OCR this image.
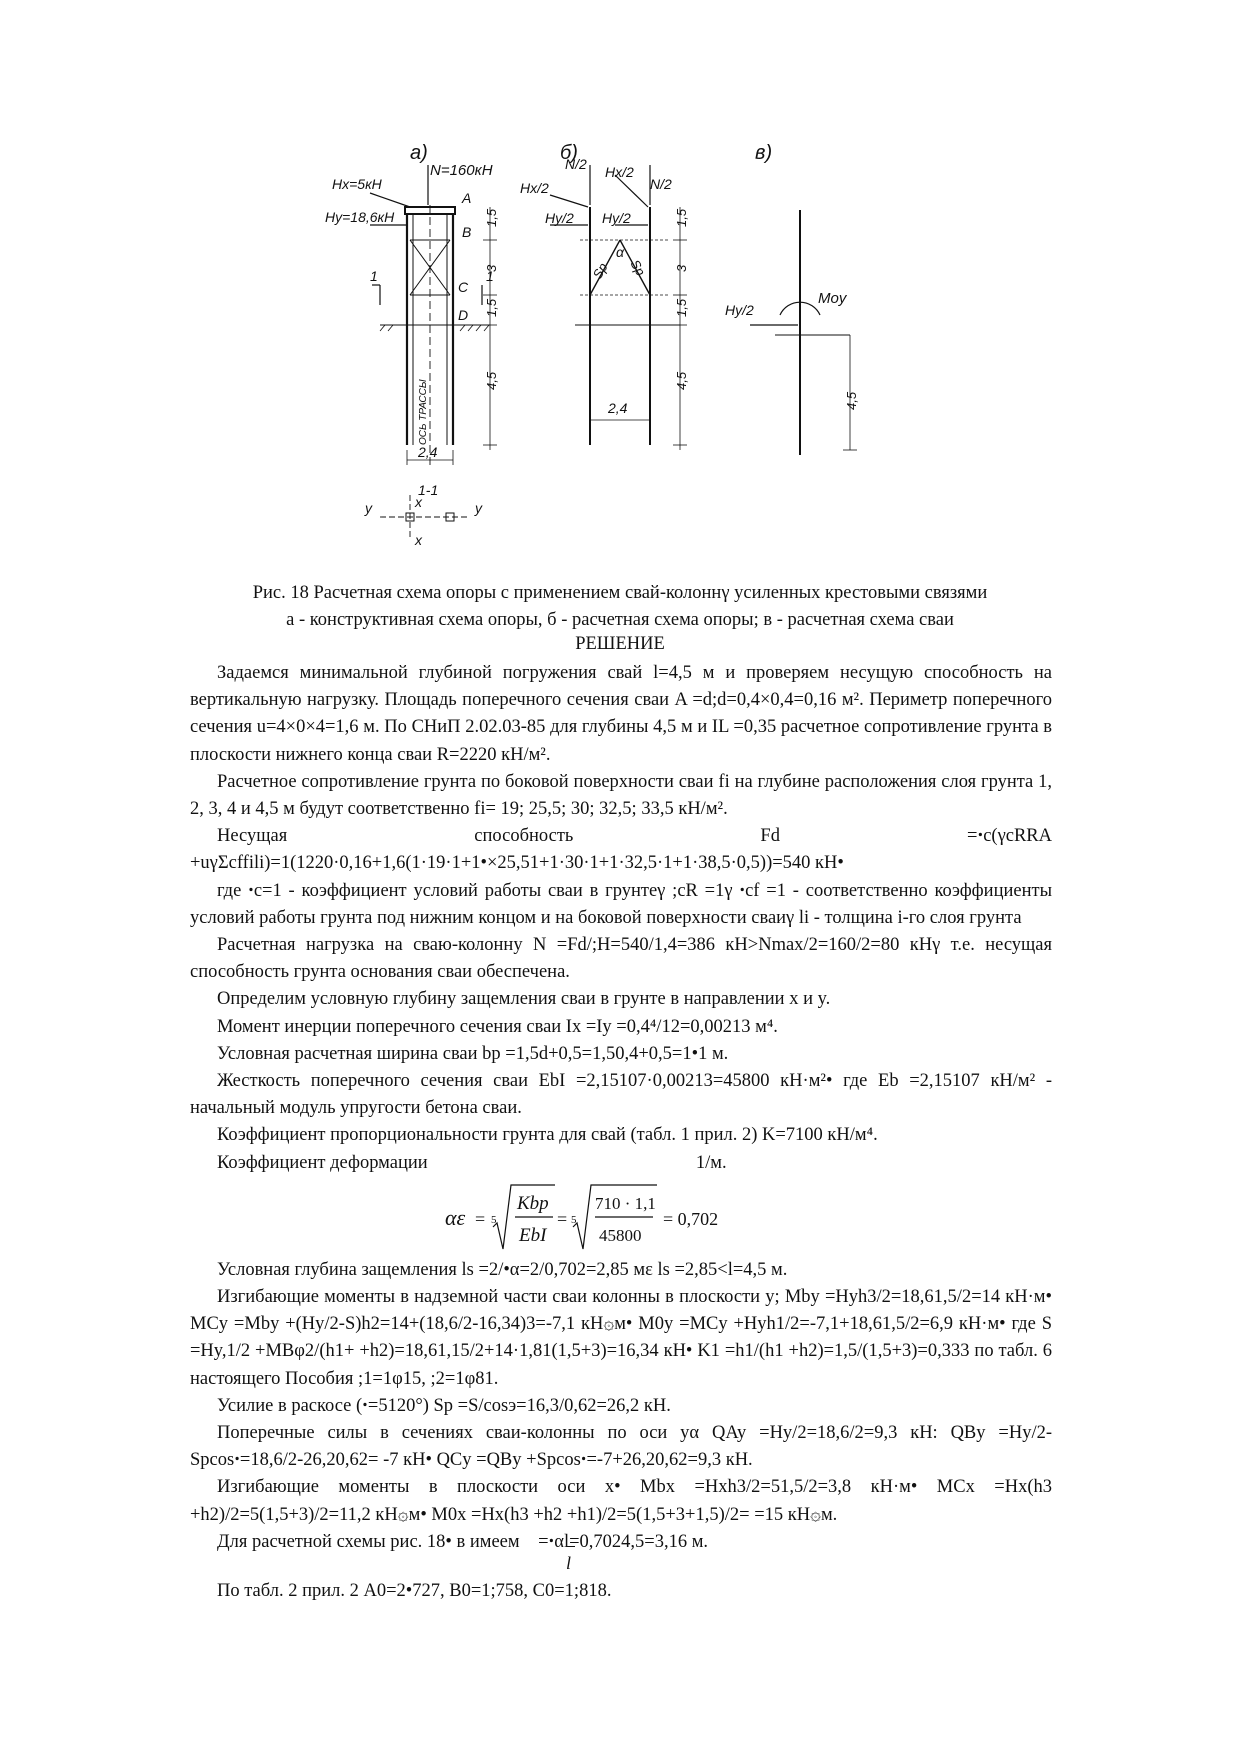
а)	б)	в)
N=160кН
Hx=5кН
Hy=18,6кН
A
B
C
D
1	1
ОСЬ ТРАССЫ
2,4
1-1
y	y
x
x
1,5
3
1,5
4,5
1,5
3
1,5
4,5
4,5
N/2
N/2
Hx/2
Hx/2
Hy/2 Hy/2
α
Sp Sp
2,4
Moy
Hy/2
Рис. 18 Расчетная схема опоры с применением свай-колоннγ усиленных крестовыми связями
а - конструктивная схема опоры, б - расчетная схема опоры; в - расчетная схема сваи
РЕШЕНИЕ

Задаемся минимальной глубиной погружения свай l=4,5 м и проверяем несущую способность на вертикальную нагрузку. Площадь поперечного сечения сваи A =d;d=0,4×0,4=0,16 м². Периметр поперечного сечения u=4×0×4=1,6 м. По СНиП 2.02.03-85 для глубины 4,5 м и IL =0,35 расчетное сопротивление грунта в плоскости нижнего конца сваи R=2220 кН/м².

Расчетное сопротивление грунта по боковой поверхности сваи fi на глубине расположения слоя грунта 1, 2, 3, 4 и 4,5 м будут соответственно fi= 19; 25,5; 30; 32,5; 33,5 кН/м².

Несущая способность Fd =ꞏc(γcRRA +uγΣcffili)=1(1220·0,16+1,6(1·19·1+1•×25,51+1·30·1+1·32,5·1+1·38,5·0,5))=540 кН•

где ꞏc=1 - коэффициент условий работы сваи в грунтеγ ;cR =1γ ꞏcf =1 - соответственно коэффициенты условий работы грунта под нижним концом и на боковой поверхности сваиγ li - толщина i-го слоя грунта

Расчетная нагрузка на сваю-колонну N =Fd/;H=540/1,4=386 кН>Nmax/2=160/2=80 кНγ т.е. несущая способность грунта основания сваи обеспечена.

Определим условную глубину защемления сваи в грунте в направлении x и y.

Момент инерции поперечного сечения сваи Ix =Iy =0,4⁴/12=0,00213 м⁴.

Условная расчетная ширина сваи bp =1,5d+0,5=1,50,4+0,5=1•1 м.

Жесткость поперечного сечения сваи EbI =2,15107·0,00213=45800 кН·м²• где Eb =2,15107 кН/м² - начальный модуль упругости бетона сваи.

Коэффициент пропорциональности грунта для свай (табл. 1 прил. 2) K=7100 кН/м⁴.

Коэффициент деформации                                                          1/м.

αε = 5
Kbp
EbI
= 5
710 · 1,1
45800
= 0,702

Условная глубина защемления ls =2/•α=2/0,702=2,85 мε ls =2,85<l=4,5 м.

Изгибающие моменты в надземной части сваи колонны в плоскости y; Mby =Hyh3/2=18,61,5/2=14 кН·м• MCy =Mby +(Hy/2-S)h2=14+(18,6/2-16,34)3=-7,1 кН۞м• M0y =MCy +Hyh1/2=-7,1+18,61,5/2=6,9 кН·м• где S =Hy,1/2 +MBφ2/(h1+ +h2)=18,61,15/2+14·1,81(1,5+3)=16,34 кН• K1 =h1/(h1 +h2)=1,5/(1,5+3)=0,333 по табл. 6 настоящего Пособия ;1=1φ15, ;2=1φ81.

Усилие в раскосе (ꞏ=5120°) Sp =S/cosэ=16,3/0,62=26,2 кН.

Поперечные силы в сечениях сваи-колонны по оси yα QAy =Hy/2=18,6/2=9,3 кН: QBy =Hy/2-Spcosꞏ=18,6/2-26,20,62= -7 кН• QCy =QBy +Spcosꞏ=-7+26,20,62=9,3 кН.

Изгибающие моменты в плоскости оси x• Mbx =Hxh3/2=51,5/2=3,8 кН·м• MCx =Hx(h3 +h2)/2=5(1,5+3)/2=11,2 кН۞м• M0x =Hx(h3 +h2 +h1)/2=5(1,5+3+1,5)/2= =15 кН۞м.

Для расчетной схемы рис. 18• в имеем    =ꞏαl=0,7024,5=3,16 м.

l

По табл. 2 прил. 2 A0=2•727, B0=1;758, C0=1;818.
